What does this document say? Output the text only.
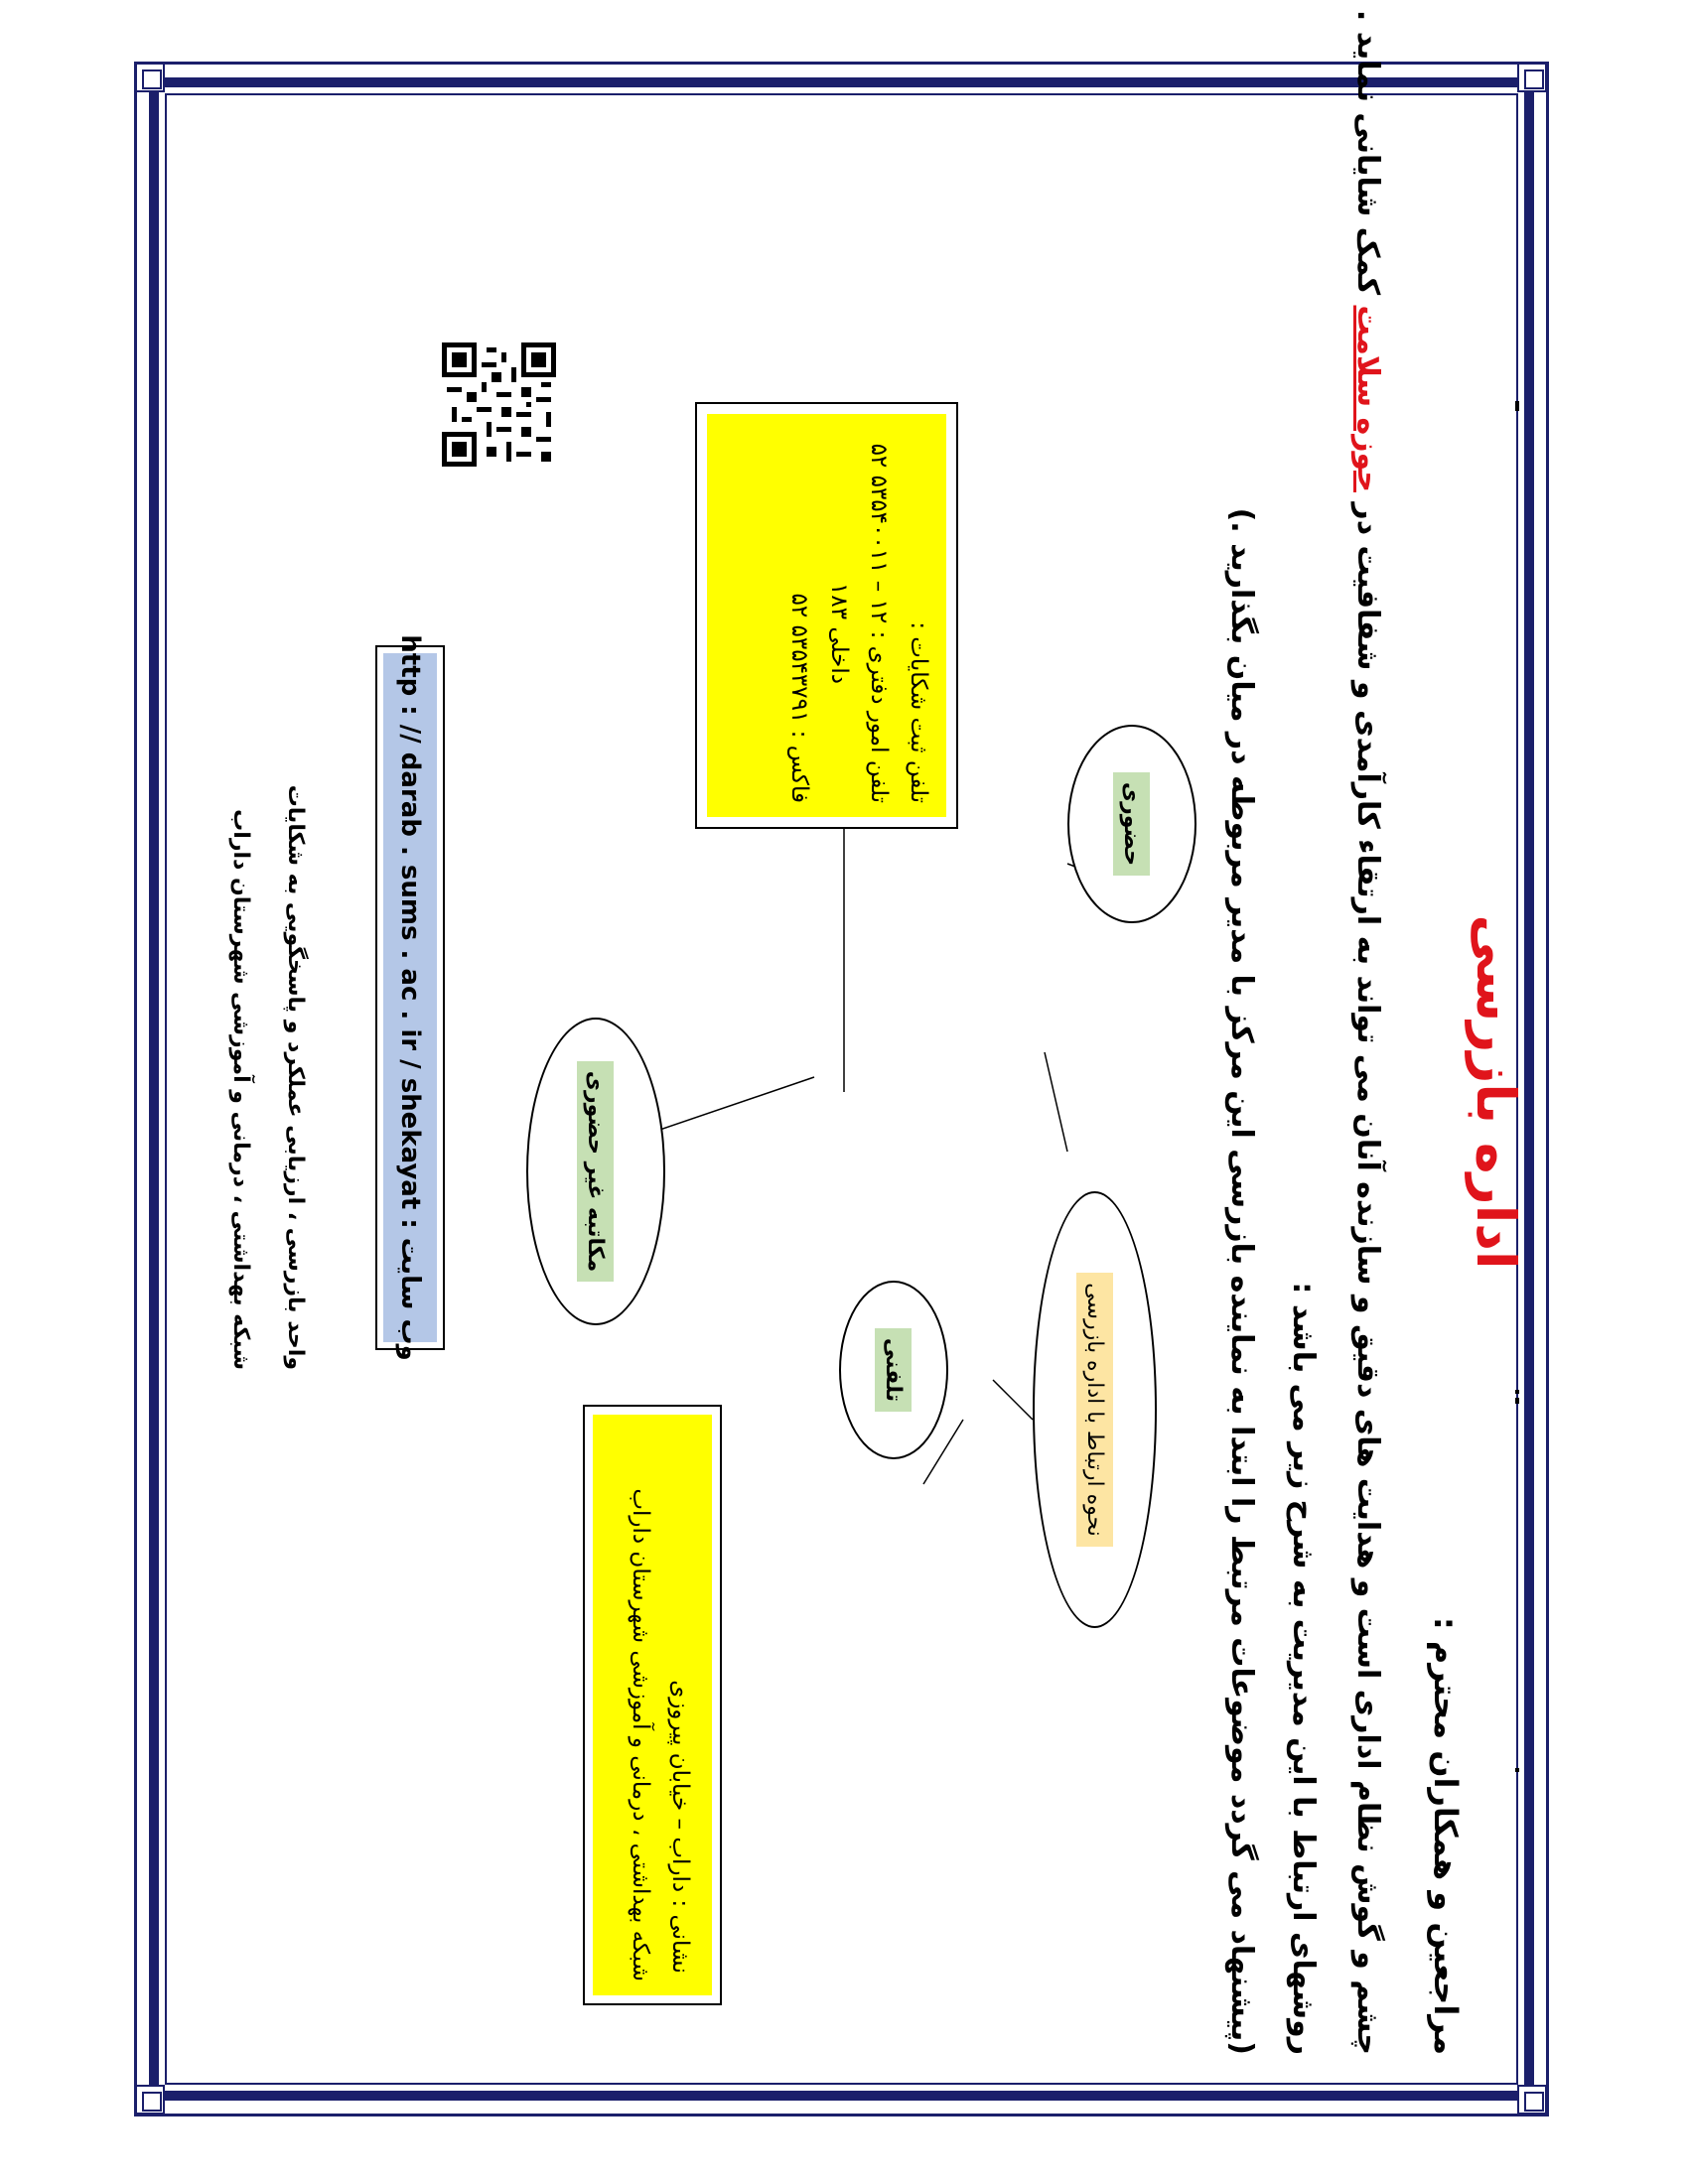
مراجعین و همکاران محترم :
چشم و گوش نظام اداری است و هدایت های دقیق و سازنده آنان می تواند به ارتقاء کارآمدی و شفافیت در حوزه سلامت کمک شایانی نماید .
روشهای ارتباط با این مدیریت به شرح زیر می باشد :
(پیشنهاد می گردد موضوعات مرتبط را ابتدا به نماینده بازرسی این مرکز با مدیر مربوطه در میان بگذارید .)	اداره بازرسی
نحوه ارتباط با اداره بازرسی
حضوری
تلفنی
مکاتبه غیر حضوری
تلفن ثبت شکایات :
تلفن امور دفتری : ۱۲ – ۵۳۵۴۰۰۱۱ ۵۲
داخلی ۱۸۳
فاکس : ۵۳۵۴۳۷۹۱ ۵۲
نشانی : داراب – خیابان پیروزی
شبکه بهداشتی ، درمانی و آموزشی شهرستان داراب
http : // darab . sums . ac . ir / shekayat : وب سایت
واحد بازرسی ، ارزیابی عملکرد و پاسخگویی به شکایات
شبکه بهداشتی ، درمانی و آموزشی شهرستان داراب
